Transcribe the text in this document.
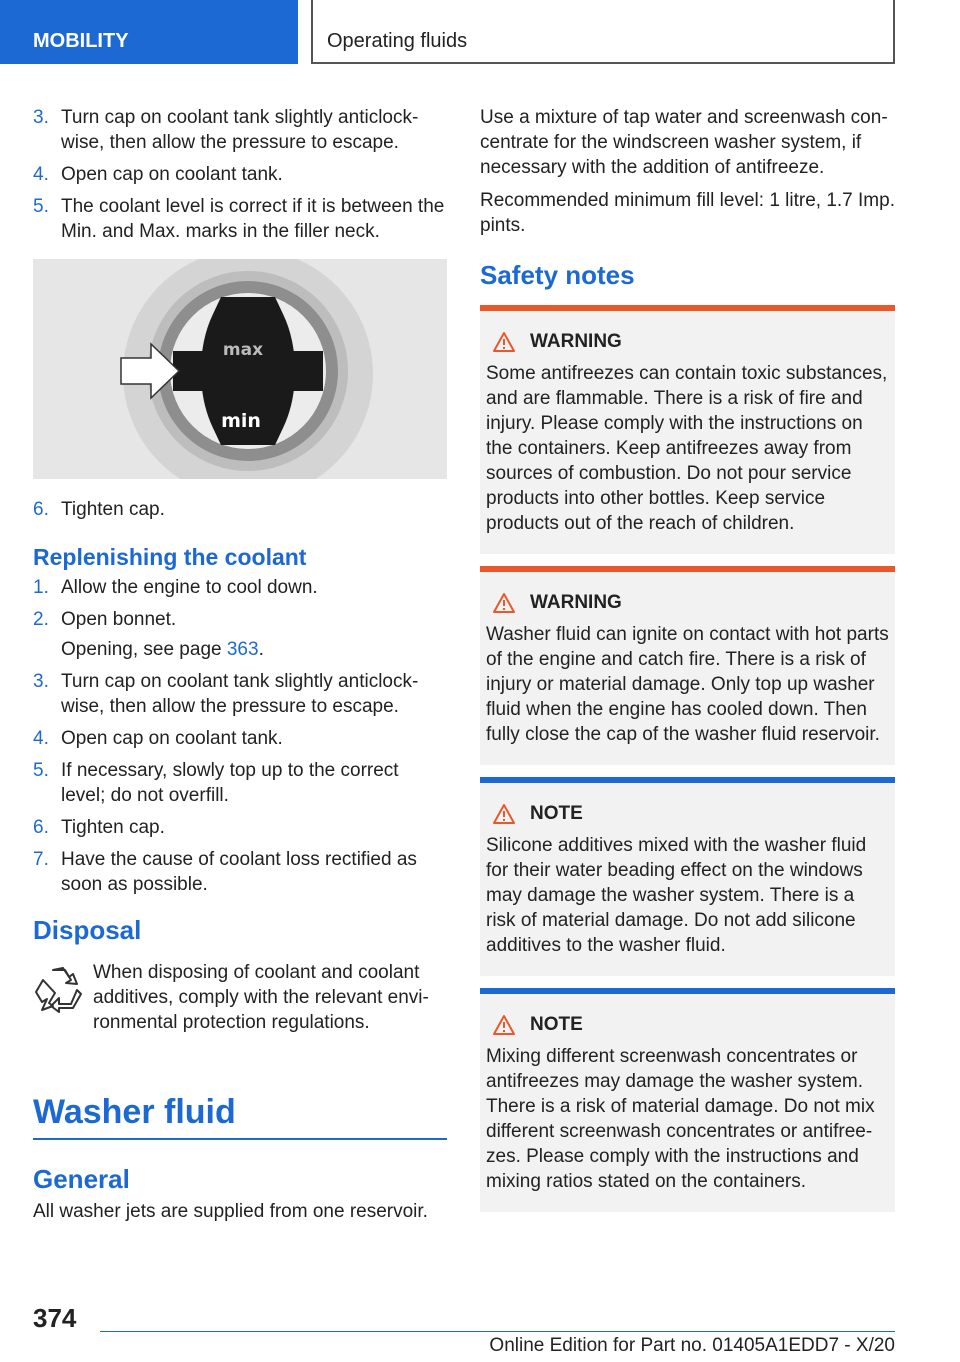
MOBILITY	Operating fluids
3. Turn cap on coolant tank slightly anticlockwise, then allow the pressure to escape.
4. Open cap on coolant tank.
5. The coolant level is correct if it is between the Min. and Max. marks in the filler neck.
max
min
6. Tighten cap.
Replenishing the coolant
1. Allow the engine to cool down.
2. Open bonnet.
Opening, see page 363.
3. Turn cap on coolant tank slightly anticlockwise, then allow the pressure to escape.
4. Open cap on coolant tank.
5. If necessary, slowly top up to the correct level; do not overfill.
6. Tighten cap.
7. Have the cause of coolant loss rectified as soon as possible.
Disposal
When disposing of coolant and coolant additives, comply with the relevant environmental protection regulations.
Washer fluid
General
All washer jets are supplied from one reservoir.
Use a mixture of tap water and screenwash concentrate for the windscreen washer system, if necessary with the addition of antifreeze.
Recommended minimum fill level: 1 litre, 1.7 Imp. pints.
Safety notes
WARNING
Some antifreezes can contain toxic substances, and are flammable. There is a risk of fire and injury. Please comply with the instructions on the containers. Keep antifreezes away from sources of combustion. Do not pour service products into other bottles. Keep service products out of the reach of children.
WARNING
Washer fluid can ignite on contact with hot parts of the engine and catch fire. There is a risk of injury or material damage. Only top up washer fluid when the engine has cooled down. Then fully close the cap of the washer fluid reservoir.
NOTE
Silicone additives mixed with the washer fluid for their water beading effect on the windows may damage the washer system. There is a risk of material damage. Do not add silicone additives to the washer fluid.
NOTE
Mixing different screenwash concentrates or antifreezes may damage the washer system. There is a risk of material damage. Do not mix different screenwash concentrates or antifreezes. Please comply with the instructions and mixing ratios stated on the containers.
374
Online Edition for Part no. 01405A1EDD7 - X/20
